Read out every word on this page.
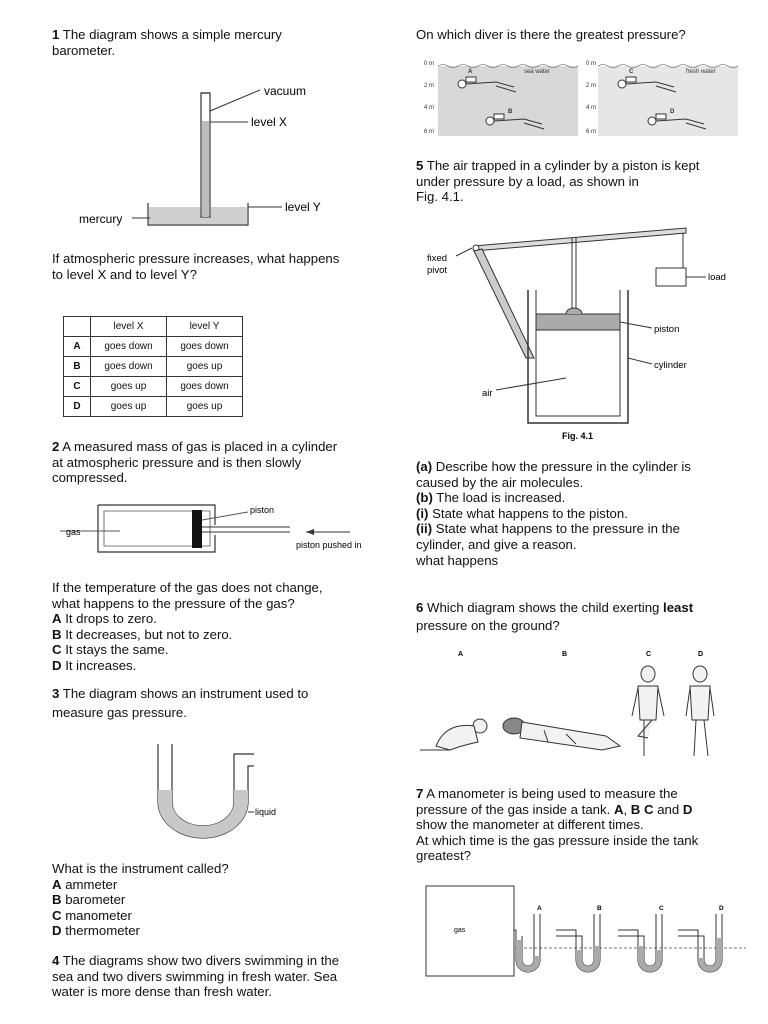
1 The diagram shows a simple mercury
barometer.
vacuum
level X
level Y
mercury
If atmospheric pressure increases, what happens
to level X and to level Y?
	level X	level Y
A	goes down	goes down
B	goes down	goes up
C	goes up	goes down
D	goes up	goes up
2 A measured mass of gas is placed in a cylinder
at atmospheric pressure and is then slowly
compressed.
gas
piston
piston pushed in
If the temperature of the gas does not change,
what happens to the pressure of the gas?
A It drops to zero.
B It decreases, but not to zero.
C It stays the same.
D It increases.
3 The diagram shows an instrument used to
measure gas pressure.
liquid
What is the instrument called?
A ammeter
B barometer
C manometer
D thermometer
4 The diagrams show two divers swimming in the
sea and two divers swimming in fresh water. Sea
water is more dense than fresh water.
On which diver is there the greatest pressure?
0 m
2 m
4 m
6 m
0 m
2 m
4 m
6 m
sea water	fresh water
A
B
C
D
5 The air trapped in a cylinder by a piston is kept
under pressure by a load, as shown in
Fig. 4.1.
fixed
pivot
load
piston
cylinder
air
Fig. 4.1
(a) Describe how the pressure in the cylinder is
caused by the air molecules.
(b) The load is increased.
(i) State what happens to the piston.
(ii) State what happens to the pressure in the
cylinder, and give a reason.
what happens
6 Which diagram shows the child exerting least
pressure on the ground?
A	B	C	D
7 A manometer is being used to measure the
pressure of the gas inside a tank. A, B C and D
show the manometer at different times.
At which time is the gas pressure inside the tank
greatest?
gas
A	B	C	D
